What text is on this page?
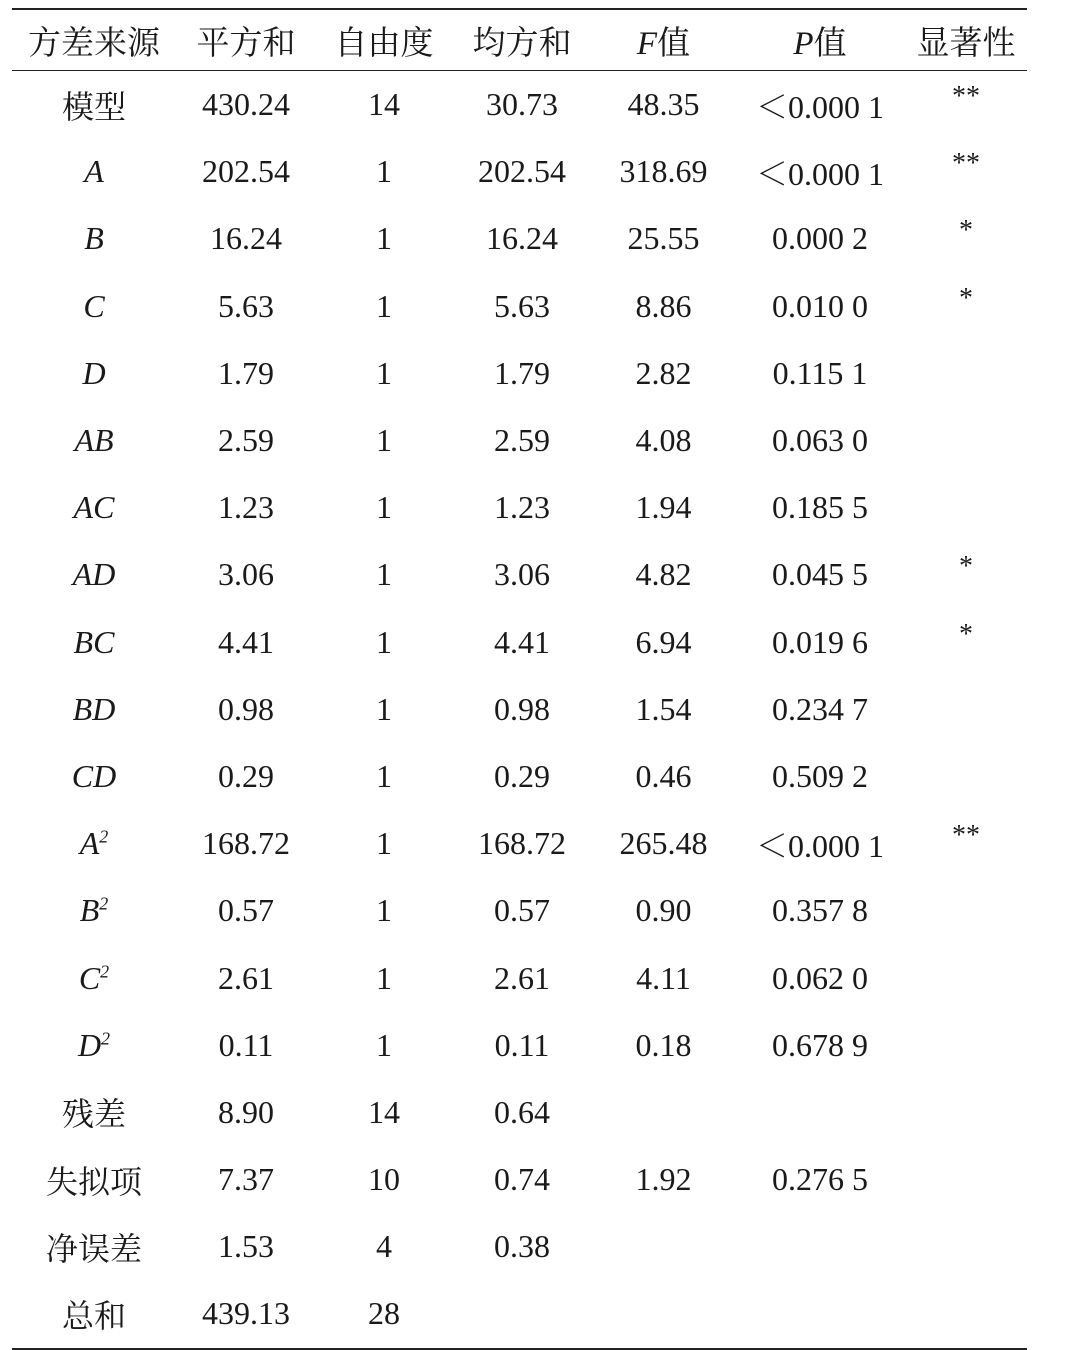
方差来源	平方和	自由度	均方和	F值	P值	显著性
模型	430.24	14	30.73	48.35	＜0.000 1	**
A	202.54	1	202.54	318.69	＜0.000 1	**
B	16.24	1	16.24	25.55	0.000 2	*
C	5.63	1	5.63	8.86	0.010 0	*
D	1.79	1	1.79	2.82	0.115 1	
AB	2.59	1	2.59	4.08	0.063 0	
AC	1.23	1	1.23	1.94	0.185 5	
AD	3.06	1	3.06	4.82	0.045 5	*
BC	4.41	1	4.41	6.94	0.019 6	*
BD	0.98	1	0.98	1.54	0.234 7	
CD	0.29	1	0.29	0.46	0.509 2	
$A^2$	168.72	1	168.72	265.48	＜0.000 1	**
$B^2$	0.57	1	0.57	0.90	0.357 8	
$C^2$	2.61	1	2.61	4.11	0.062 0	
$D^2$	0.11	1	0.11	0.18	0.678 9	
残差	8.90	14	0.64			
失拟项	7.37	10	0.74	1.92	0.276 5	
净误差	1.53	4	0.38			
总和	439.13	28				
